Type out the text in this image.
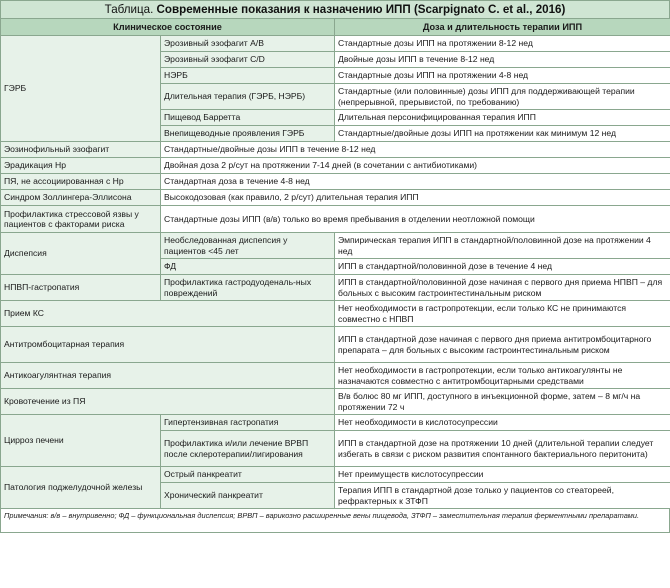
Таблица. Современные показания к назначению ИПП (Scarpignato C. et al., 2016)
Клиническое состояние		Доза и длительность терапии ИПП
ГЭРБ	Эрозивный эзофагит А/B	Стандартные дозы ИПП на протяжении 8-12 нед
	Эрозивный эзофагит C/D	Двойные дозы ИПП в течение 8-12 нед
	НЭРБ	Стандартные дозы ИПП на протяжении 4-8 нед
	Длительная терапия (ГЭРБ, НЭРБ)	Стандартные (или половинные) дозы ИПП для поддерживающей терапии (непрерывной, прерывистой, по требованию)
	Пищевод Барретта	Длительная персонифицированная терапия ИПП
	Внепищеводные проявления ГЭРБ	Стандартные/двойные дозы ИПП на протяжении как минимум 12 нед
Эозинофильный эзофагит	Стандартные/двойные дозы ИПП в течение 8-12 нед	
Эрадикация Hp	Двойная доза 2 р/сут на протяжении 7-14 дней (в сочетании с антибиотиками)	
ПЯ, не ассоциированная с Hp	Стандартная доза в течение 4-8 нед	
Синдром Золлингера-Эллисона	Высокодозовая (как правило, 2 р/сут) длительная терапия ИПП	
Профилактика стрессовой язвы у пациентов с факторами риска	Стандартные дозы ИПП (в/в) только во время пребывания в отделении неотложной помощи	
Диспепсия	Необследованная диспепсия у пациентов <45 лет	Эмпирическая терапия ИПП в стандартной/половинной дозе на протяжении 4 нед
	ФД	ИПП в стандартной/половинной дозе в течение 4 нед
НПВП-гастропатия	Профилактика гастродуоденаль-ных повреждений	ИПП в стандартной/половинной дозе начиная с первого дня приема НПВП – для больных с высоким гастроинтестинальным риском
Прием КС		Нет необходимости в гастропротекции, если только КС не принимаются совместно с НПВП
Антитромбоцитарная терапия		ИПП в стандартной дозе начиная с первого дня приема антитромбоцитарного препарата – для больных с высоким гастроинтестинальным риском
Антикоагулянтная терапия		Нет необходимости в гастропротекции, если только антикоагулянты не назначаются совместно с антитромбоцитарными средствами
Кровотечение из ПЯ		В/в болюс 80 мг ИПП, доступного в инъекционной форме, затем – 8 мг/ч на протяжении 72 ч
Цирроз печени	Гипертензивная гастропатия	Нет необходимости в кислотосупрессии
	Профилактика и/или лечение ВРВП после склеротерапии/лигирования	ИПП в стандартной дозе на протяжении 10 дней (длительной терапии следует избегать в связи с риском развития спонтанного бактериального перитонита)
Патология поджелудочной железы	Острый панкреатит	Нет преимуществ кислотосупрессии
	Хронический панкреатит	Терапия ИПП в стандартной дозе только у пациентов со стеатореей, рефрактерных к ЗТФП
Примечания: в/в – внутривенно; ФД – функциональная диспепсия; ВРВП – варикозно расширенные вены пищевода, ЗТФП – заместительная терапия ферментными препаратами.
